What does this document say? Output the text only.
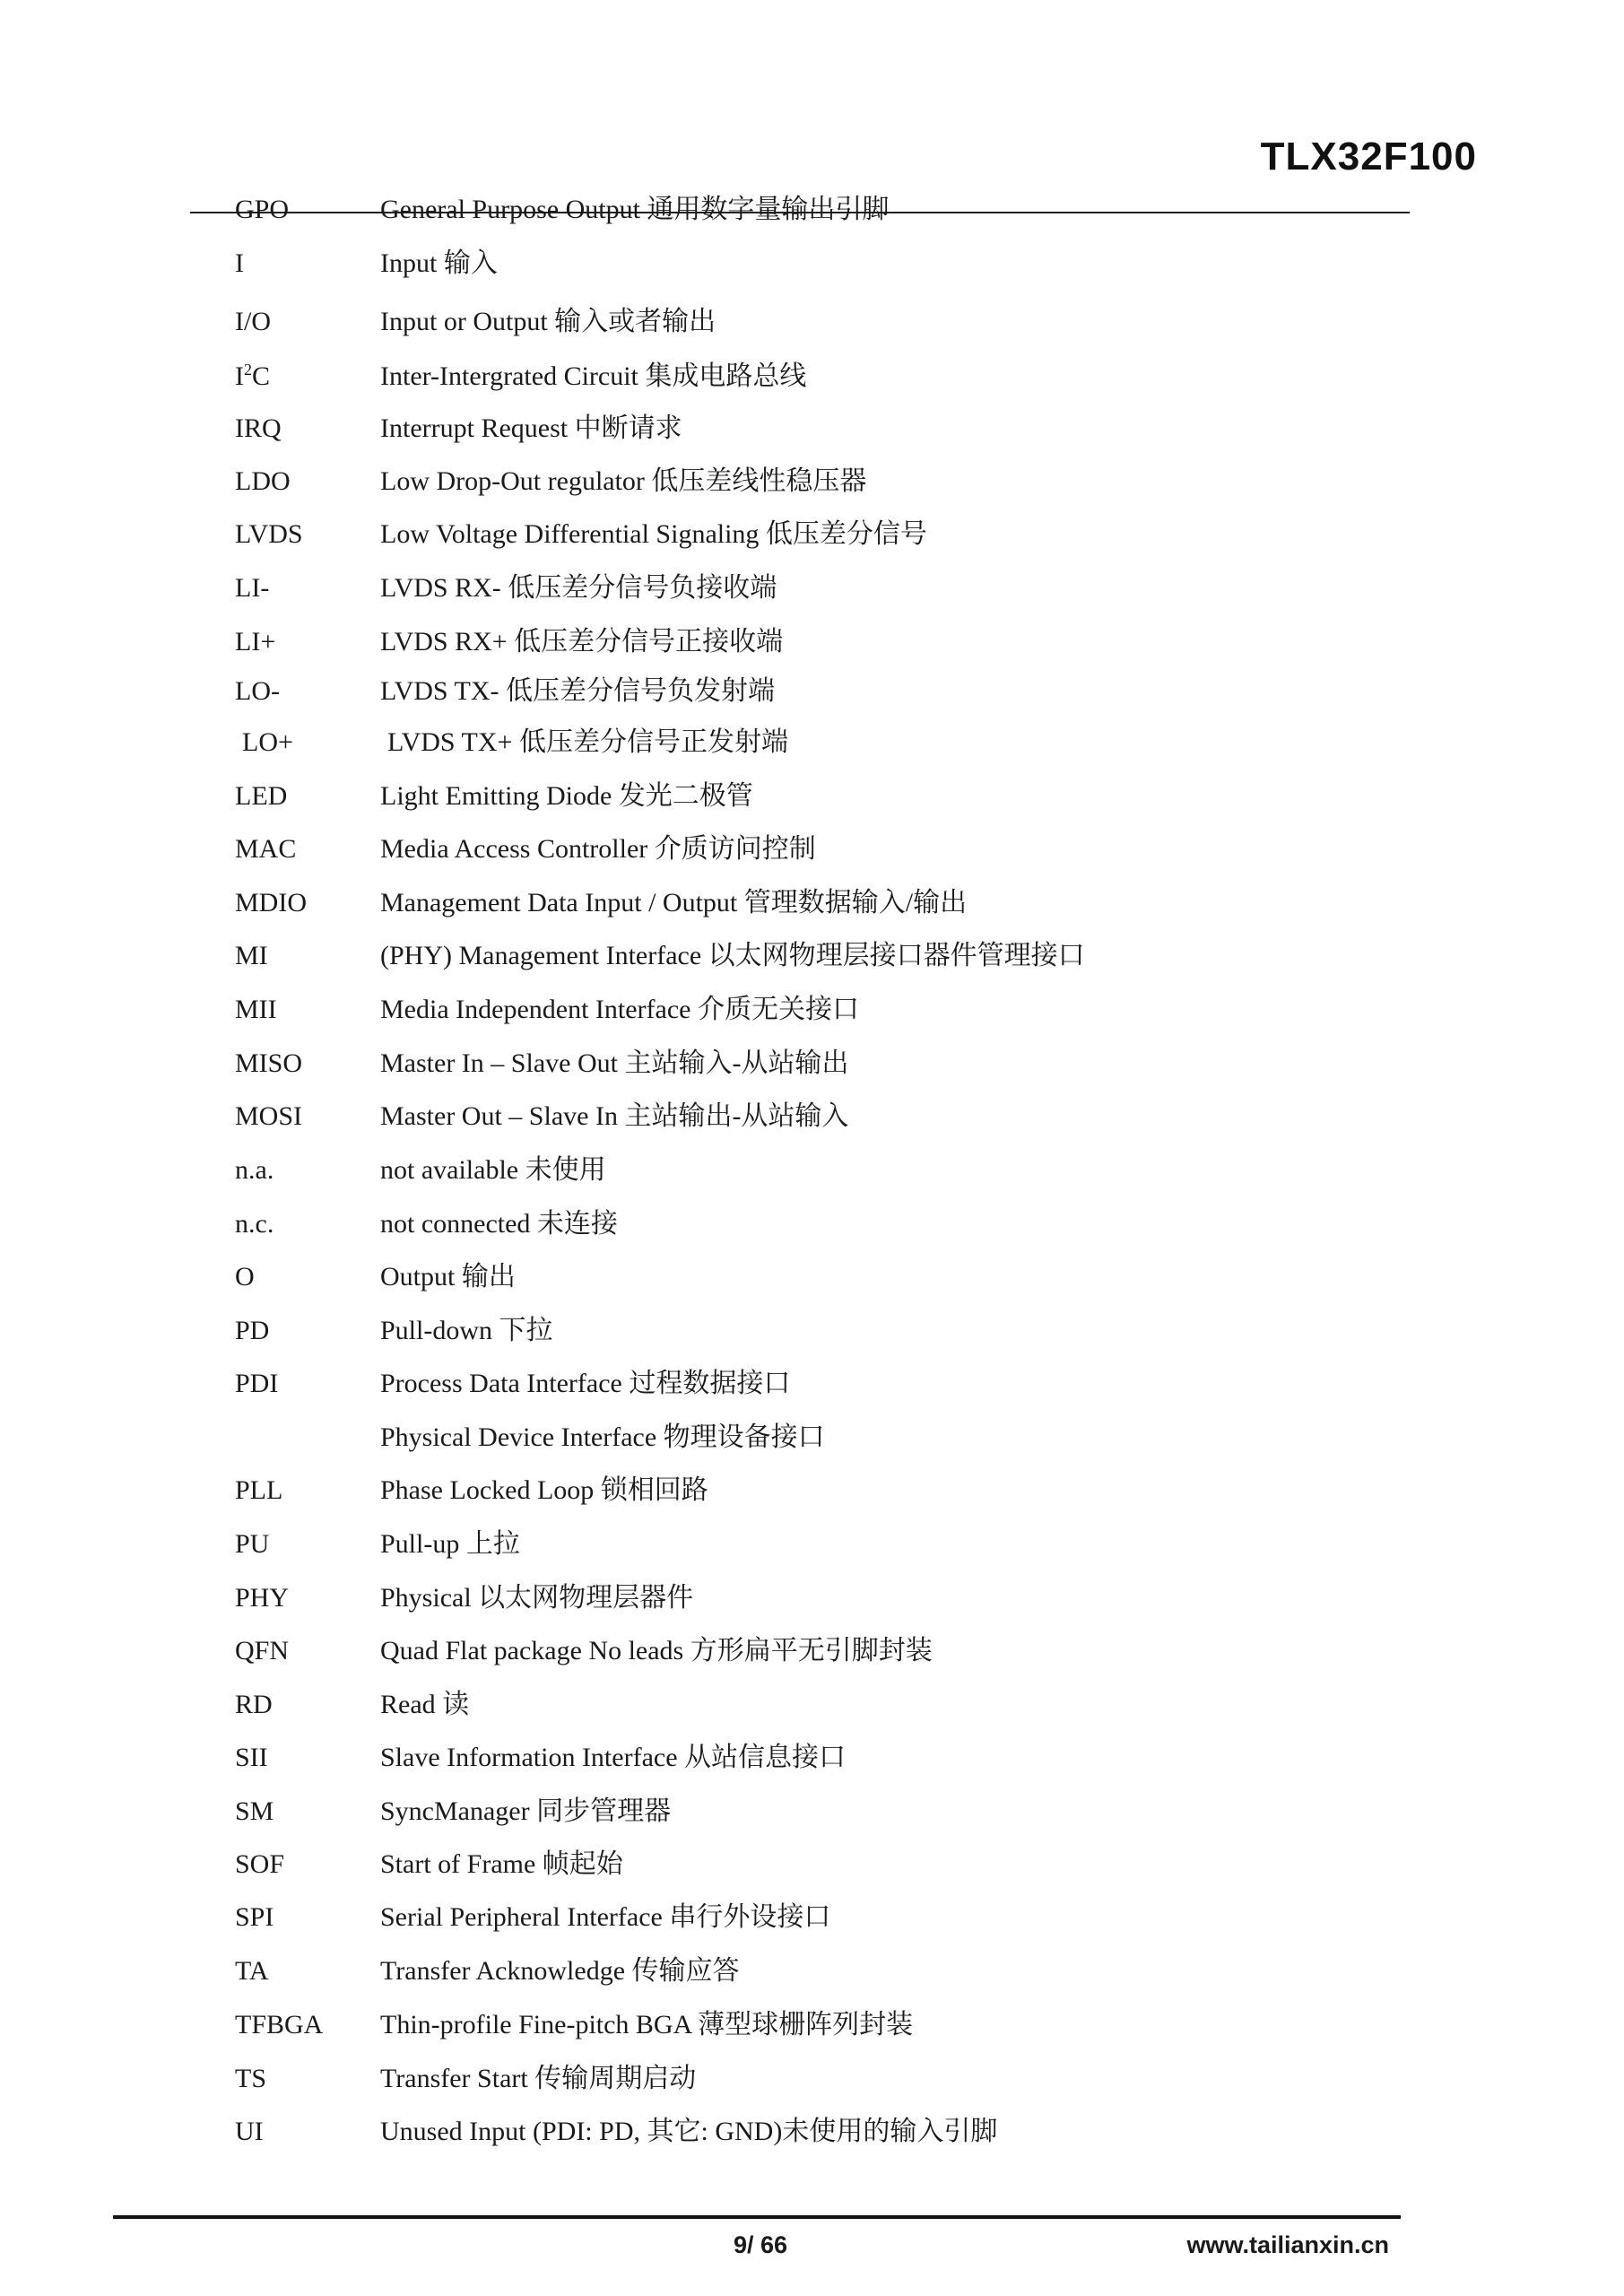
TLX32F100
GPO	General Purpose Output 通用数字量输出引脚
I	Input 输入
I/O	Input or Output 输入或者输出
$I^2C$	Inter-Intergrated Circuit 集成电路总线
IRQ	Interrupt Request 中断请求
LDO	Low Drop-Out regulator 低压差线性稳压器
LVDS	Low Voltage Differential Signaling 低压差分信号
LI-	LVDS RX- 低压差分信号负接收端
LI+	LVDS RX+ 低压差分信号正接收端
LO-	LVDS TX- 低压差分信号负发射端
LO+	LVDS TX+ 低压差分信号正发射端
LED	Light Emitting Diode 发光二极管
MAC	Media Access Controller 介质访问控制
MDIO	Management Data Input / Output 管理数据输入/输出
MI	(PHY) Management Interface 以太网物理层接口器件管理接口
MII	Media Independent Interface 介质无关接口
MISO	Master In – Slave Out 主站输入-从站输出
MOSI	Master Out – Slave In 主站输出-从站输入
n.a.	not available 未使用
n.c.	not connected 未连接
O	Output 输出
PD	Pull-down 下拉
PDI	Process Data Interface 过程数据接口
Physical Device Interface 物理设备接口
PLL	Phase Locked Loop 锁相回路
PU	Pull-up 上拉
PHY	Physical 以太网物理层器件
QFN	Quad Flat package No leads 方形扁平无引脚封装
RD	Read 读
SII	Slave Information Interface 从站信息接口
SM	SyncManager 同步管理器
SOF	Start of Frame 帧起始
SPI	Serial Peripheral Interface 串行外设接口
TA	Transfer Acknowledge 传输应答
TFBGA Thin-profile Fine-pitch BGA 薄型球栅阵列封装
TS	Transfer Start 传输周期启动
UI	Unused Input (PDI: PD, 其它: GND)未使用的输入引脚
9/ 66	www.tailianxin.cn
